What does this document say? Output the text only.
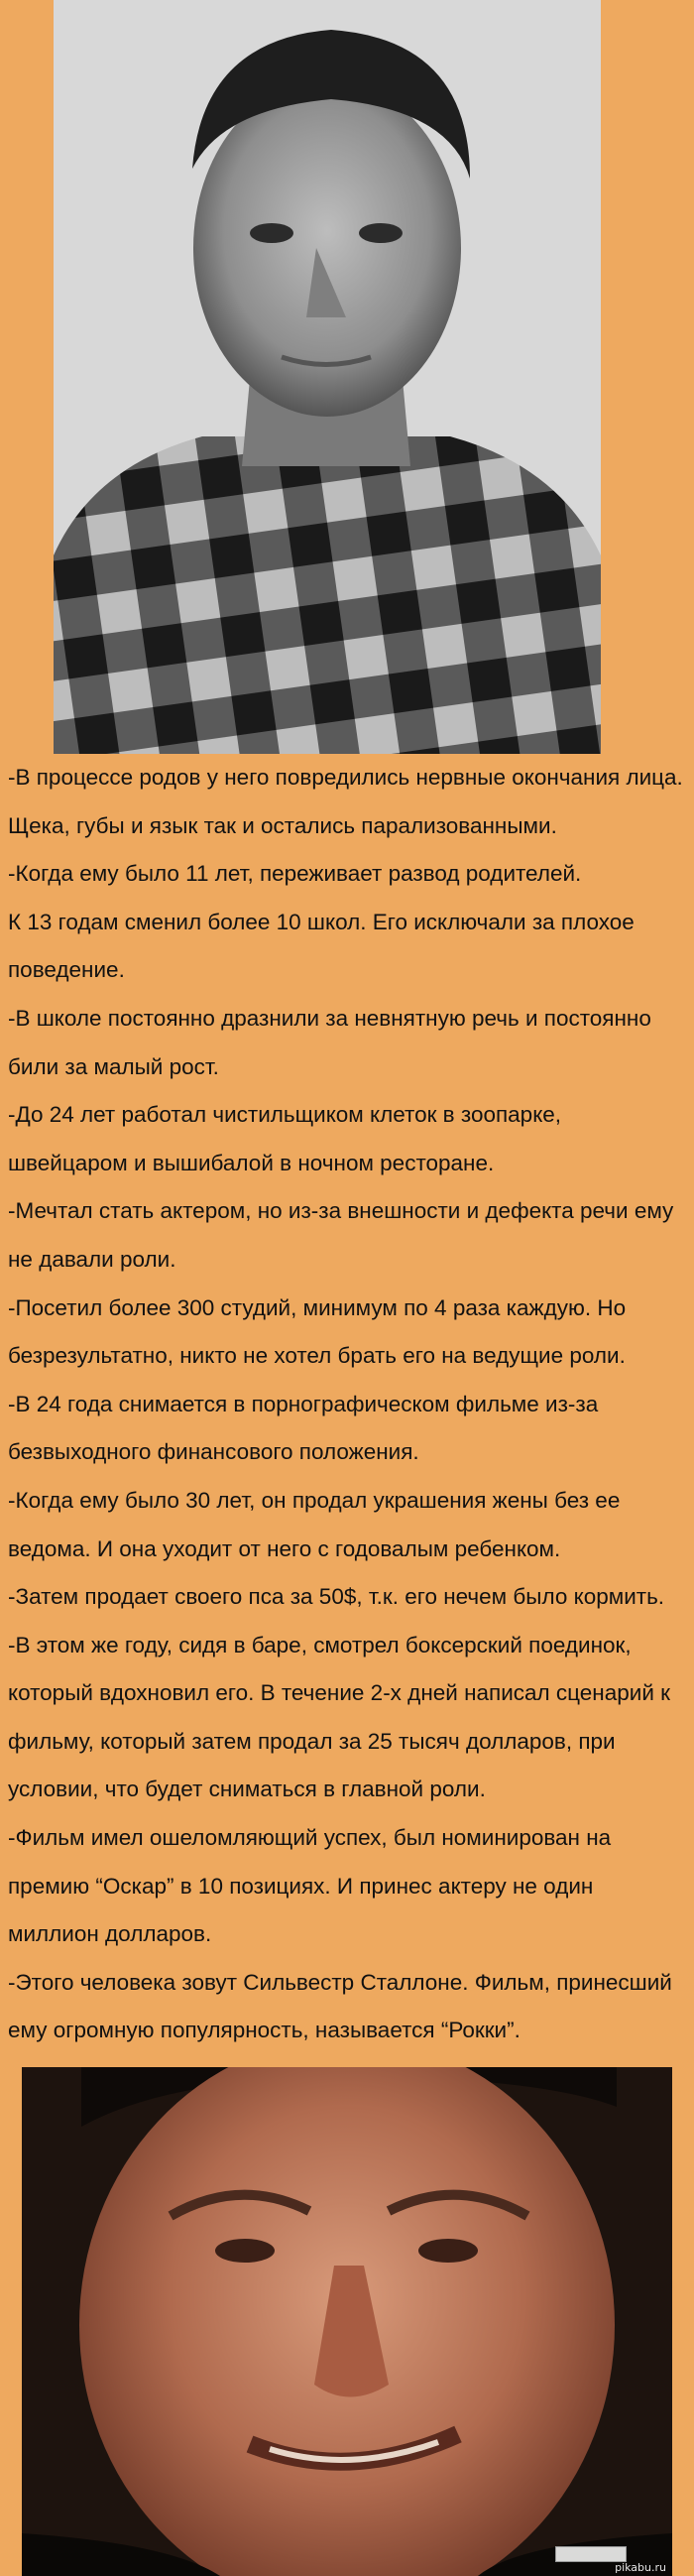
-В процессе родов у него повредились нервные окончания лица. Щека, губы и язык так и остались парализованными.

-Когда ему было 11 лет, переживает развод родителей.

К 13 годам сменил более 10 школ. Его исключали за плохое поведение.

-В школе постоянно дразнили за невнятную речь и постоянно били за малый рост.

-До 24 лет работал чистильщиком клеток в зоопарке, швейцаром и вышибалой в ночном ресторане.

-Мечтал стать актером, но из-за внешности и дефекта речи ему не давали роли.

-Посетил более 300 студий, минимум по 4 раза каждую. Но безрезультатно, никто не хотел брать его на ведущие роли.

-В 24 года снимается в порнографическом фильме из-за безвыходного финансового положения.

-Когда ему было 30 лет, он продал украшения жены без ее ведома. И она уходит от него с годовалым ребенком.

-Затем продает своего пса за 50$, т.к. его нечем было кормить.

-В этом же году, сидя в баре, смотрел боксерский поединок, который вдохновил его. В течение 2-х дней написал сценарий к фильму, который затем продал за 25 тысяч долларов, при условии, что будет сниматься в главной роли.

-Фильм имел ошеломляющий успех, был номинирован на премию “Оскар” в 10 позициях. И принес актеру не один миллион долларов.

-Этого человека зовут Сильвестр Сталлоне. Фильм, принесший ему огромную популярность, называется “Рокки”.

pikabu.ru
